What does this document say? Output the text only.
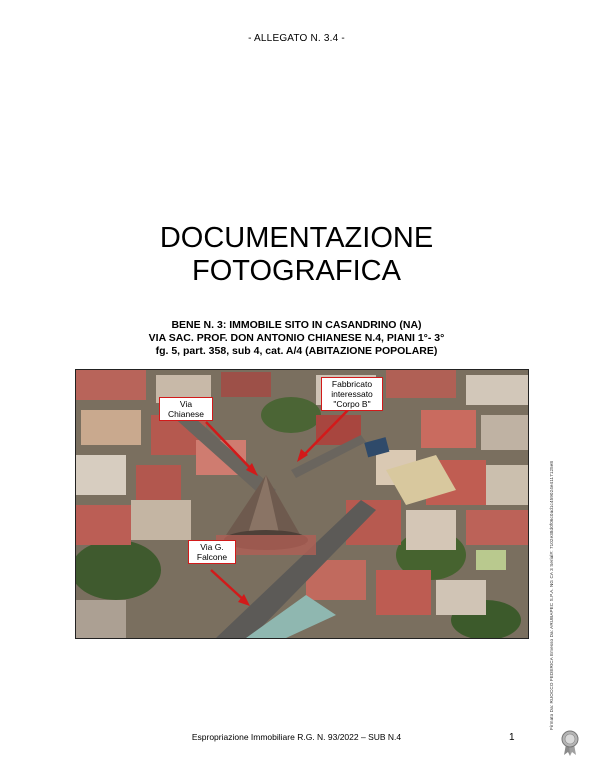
- ALLEGATO N. 3.4 -
DOCUMENTAZIONE
FOTOGRAFICA
BENE N. 3: IMMOBILE SITO IN CASANDRINO (NA)
VIA SAC. PROF. DON ANTONIO CHIANESE N.4, PIANI 1°- 3°
fg. 5, part. 358, sub 4, cat. A/4 (ABITAZIONE POPOLARE)
Via
Chianese
Fabbricato
interessato
"Corpo B"
Via G.
Falcone
Espropriazione Immobiliare R.G. N. 93/2022 – SUB N.4	1
Firmato Da: RUOCCO FEDERICA Emesso Da: ARUBAPEC S.P.A. NG CA 3 Serial#: 7102e38d0f06c0ad1c459024e4117125e8
